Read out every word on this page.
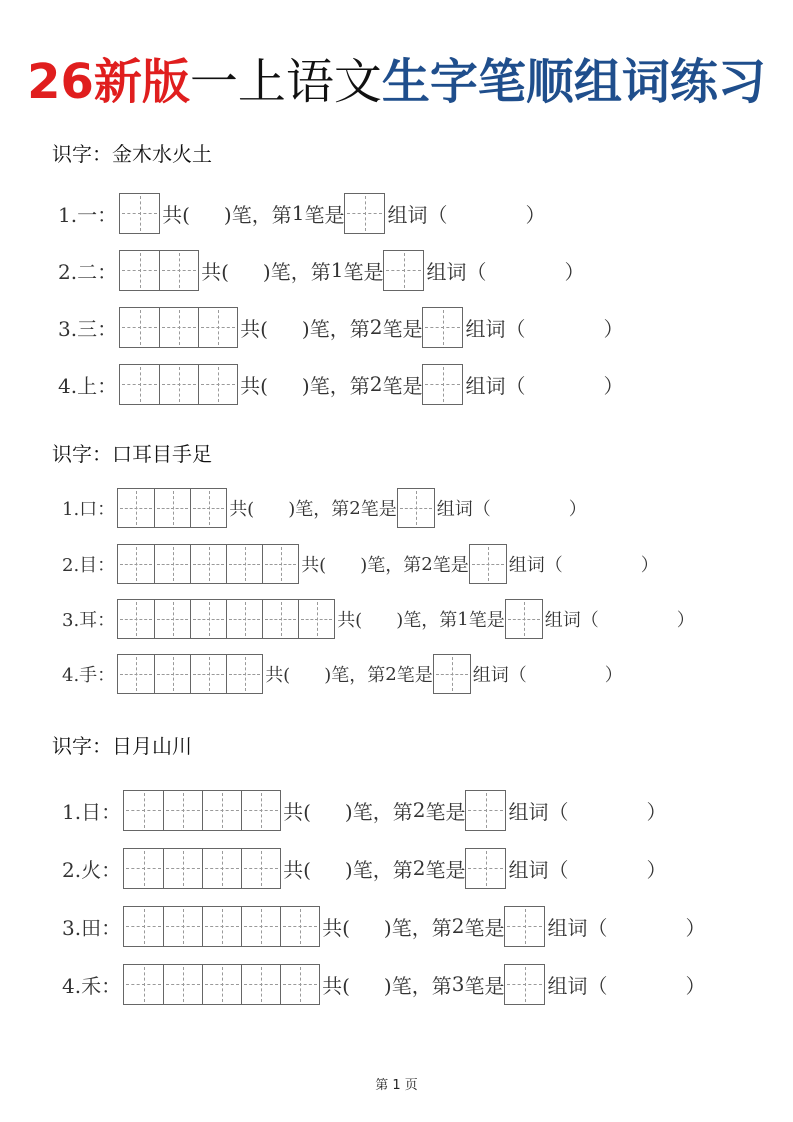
26新版一上语文生字笔顺组词练习
识字：金木水火土
1.一： 共( )笔，第 1 笔是 组词（	）
2.二：	共( )笔，第 1 笔是 组词（	）
3.三：	共( )笔，第 2 笔是 组词（	）
4.上：	共( )笔，第 2 笔是 组词（	）
识字：口耳目手足
1.口：	共( )笔，第 2 笔是 组词（	）
2.目：	共( )笔，第 2 笔是 组词（	）
3.耳：	共( )笔，第 1 笔是 组词（	）
4.手：	共( )笔，第 2 笔是 组词（	）
识字：日月山川
1.日：	共( )笔，第 2 笔是 组词（	）
2.火：	共( )笔，第 2 笔是 组词（	）
3.田：	共( )笔，第 2 笔是 组词（	）
4.禾：	共( )笔，第 3 笔是 组词（	）
第 1 页
